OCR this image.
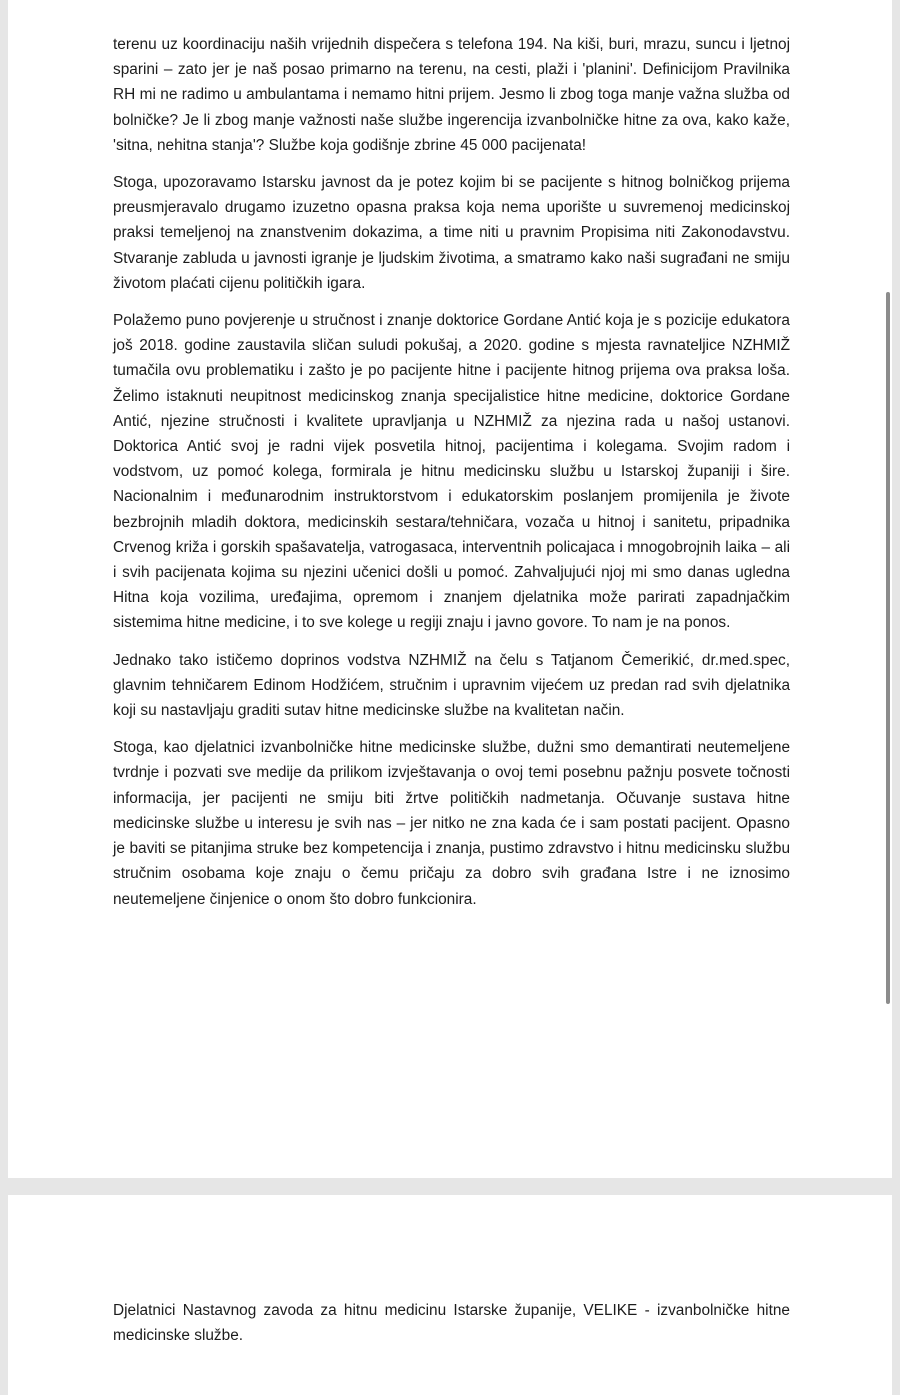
terenu uz koordinaciju naših vrijednih dispečera s telefona 194. Na kiši, buri, mrazu, suncu i ljetnoj sparini – zato jer je naš posao primarno na terenu, na cesti, plaži i 'planini'. Definicijom Pravilnika RH mi ne radimo u ambulantama i nemamo hitni prijem. Jesmo li zbog toga manje važna služba od bolničke? Je li zbog manje važnosti naše službe ingerencija izvanbolničke hitne za ova, kako kaže, 'sitna, nehitna stanja'? Službe koja godišnje zbrine 45 000 pacijenata!

Stoga, upozoravamo Istarsku javnost da je potez kojim bi se pacijente s hitnog bolničkog prijema preusmjeravalo drugamo izuzetno opasna praksa koja nema uporište u suvremenoj medicinskoj praksi temeljenoj na znanstvenim dokazima, a time niti u pravnim Propisima niti Zakonodavstvu. Stvaranje zabluda u javnosti igranje je ljudskim životima, a smatramo kako naši sugrađani ne smiju životom plaćati cijenu političkih igara.

Polažemo puno povjerenje u stručnost i znanje doktorice Gordane Antić koja je s pozicije edukatora još 2018. godine zaustavila sličan suludi pokušaj, a 2020. godine s mjesta ravnateljice NZHMIŽ tumačila ovu problematiku i zašto je po pacijente hitne i pacijente hitnog prijema ova praksa loša. Želimo istaknuti neupitnost medicinskog znanja specijalistice hitne medicine, doktorice Gordane Antić, njezine stručnosti i kvalitete upravljanja u NZHMIŽ za njezina rada u našoj ustanovi. Doktorica Antić svoj je radni vijek posvetila hitnoj, pacijentima i kolegama. Svojim radom i vodstvom, uz pomoć kolega, formirala je hitnu medicinsku službu u Istarskoj županiji i šire. Nacionalnim i međunarodnim instruktorstvom i edukatorskim poslanjem promijenila je živote bezbrojnih mladih doktora, medicinskih sestara/tehničara, vozača u hitnoj i sanitetu, pripadnika Crvenog križa i gorskih spašavatelja, vatrogasaca, interventnih policajaca i mnogobrojnih laika – ali i svih pacijenata kojima su njezini učenici došli u pomoć. Zahvaljujući njoj mi smo danas ugledna Hitna koja vozilima, uređajima, opremom i znanjem djelatnika može parirati zapadnjačkim sistemima hitne medicine, i to sve kolege u regiji znaju i javno govore. To nam je na ponos.

Jednako tako ističemo doprinos vodstva NZHMIŽ na čelu s Tatjanom Čemerikić, dr.med.spec, glavnim tehničarem Edinom Hodžićem, stručnim i upravnim vijećem uz predan rad svih djelatnika koji su nastavljaju graditi sutav hitne medicinske službe na kvalitetan način.

Stoga, kao djelatnici izvanbolničke hitne medicinske službe, dužni smo demantirati neutemeljene tvrdnje i pozvati sve medije da prilikom izvještavanja o ovoj temi posebnu pažnju posvete točnosti informacija, jer pacijenti ne smiju biti žrtve političkih nadmetanja. Očuvanje sustava hitne medicinske službe u interesu je svih nas – jer nitko ne zna kada će i sam postati pacijent. Opasno je baviti se pitanjima struke bez kompetencija i znanja, pustimo zdravstvo i hitnu medicinsku službu stručnim osobama koje znaju o čemu pričaju za dobro svih građana Istre i ne iznosimo neutemeljene činjenice o onom što dobro funkcionira.

Djelatnici Nastavnog zavoda za hitnu medicinu Istarske županije, VELIKE - izvanbolničke hitne medicinske službe.
